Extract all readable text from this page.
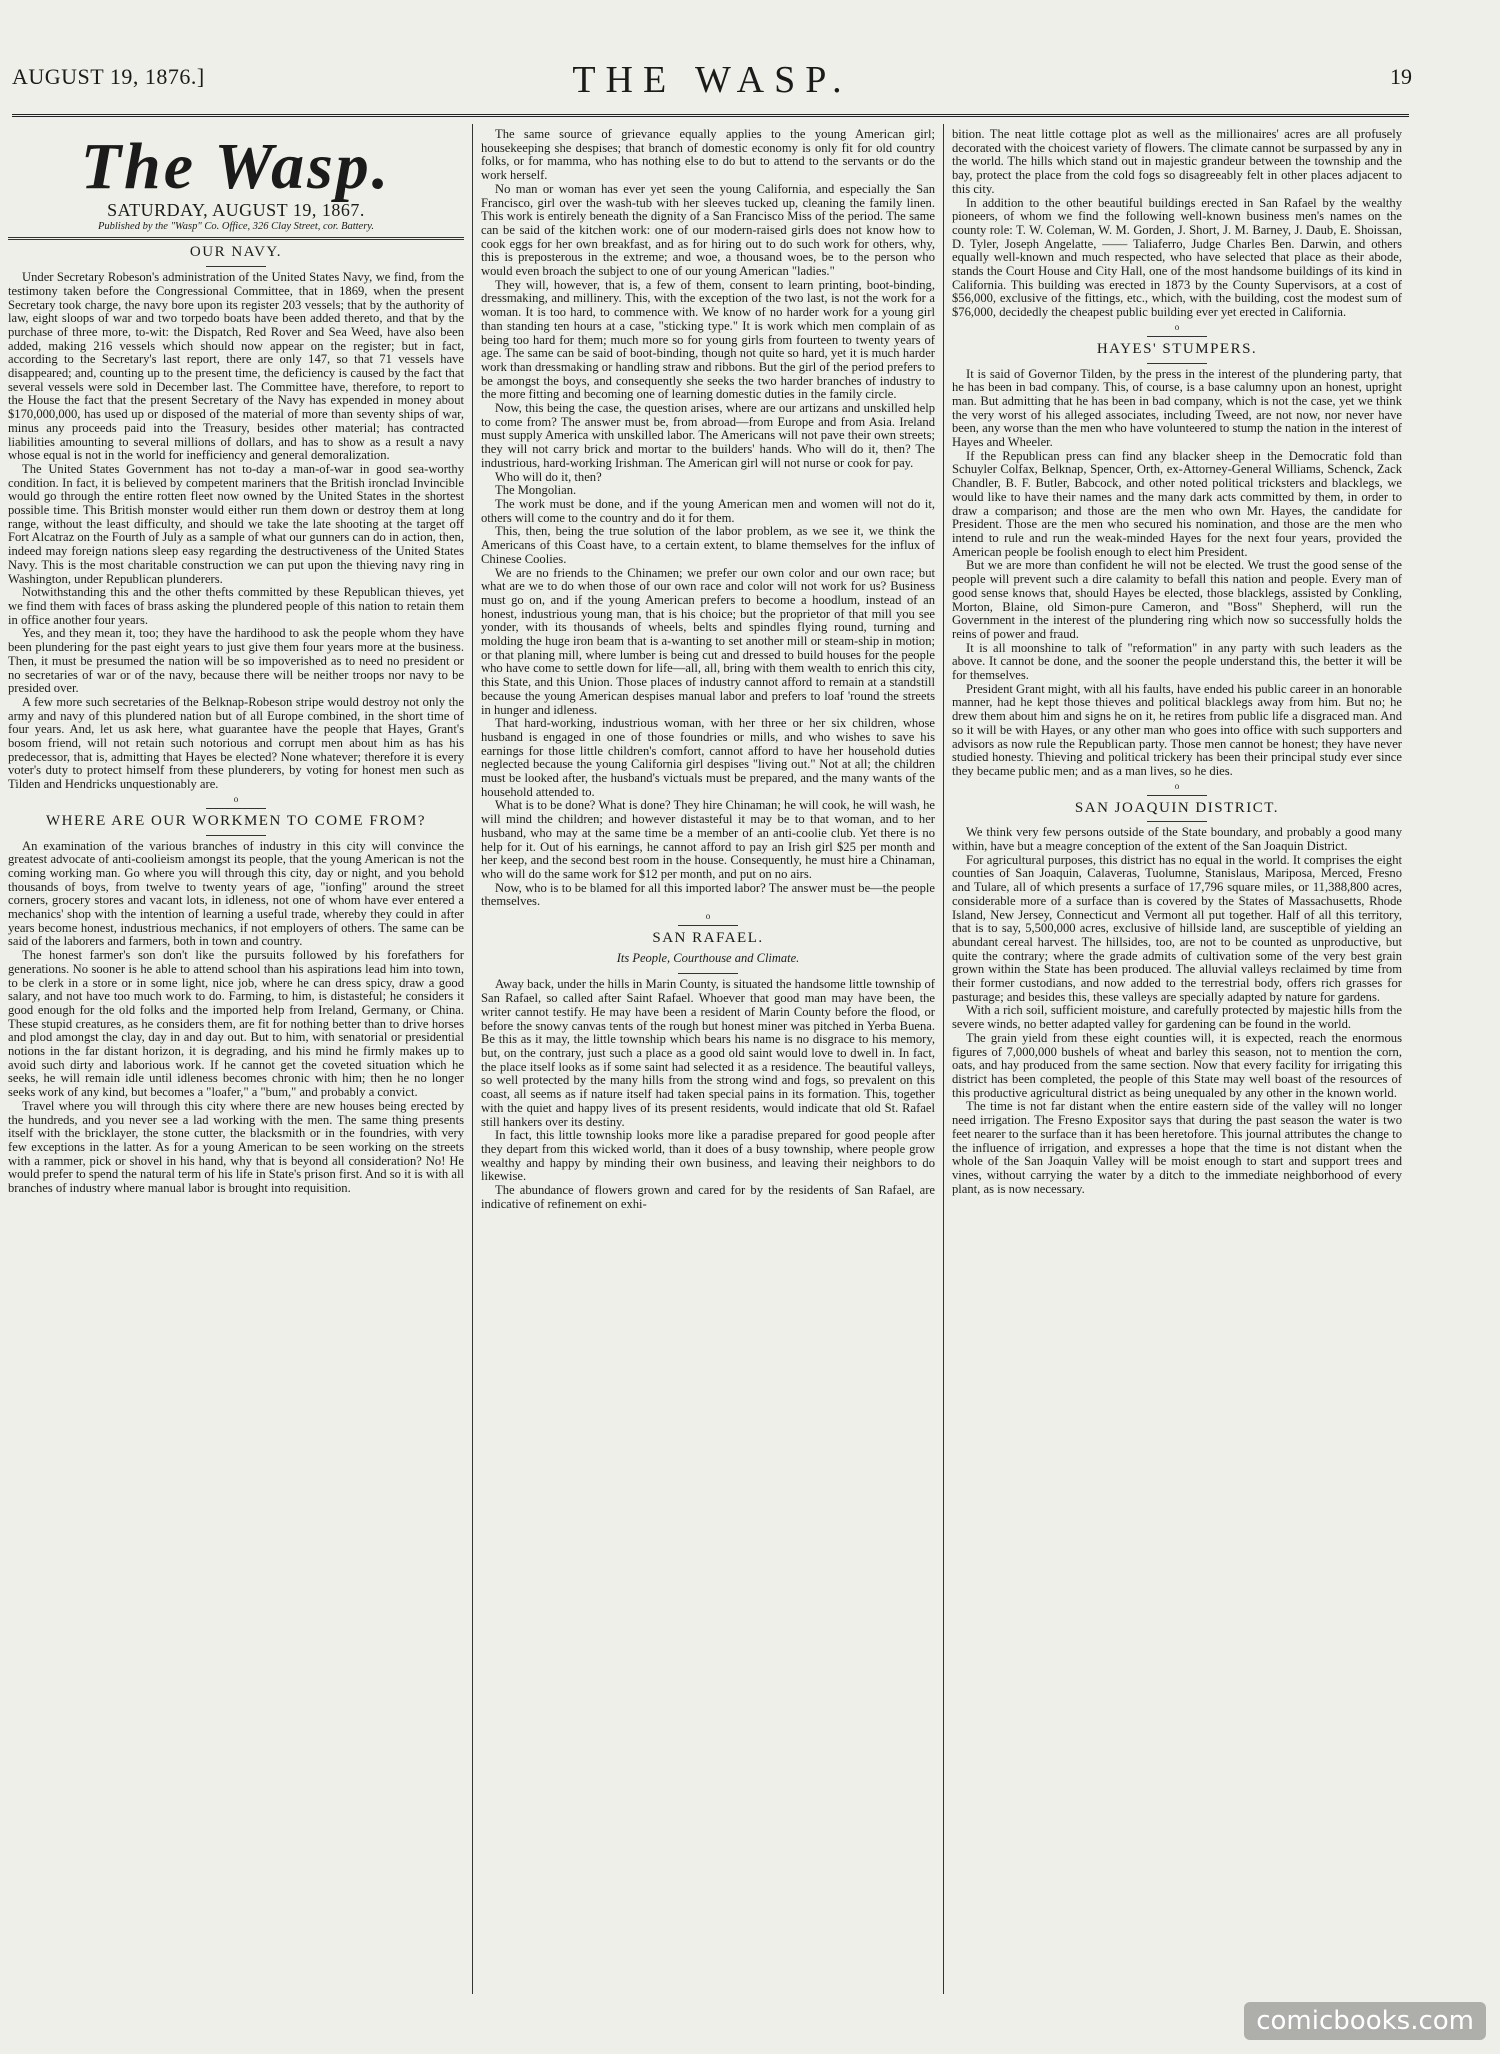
THE WASP.
AUGUST 19, 1876.]	19
The Wasp.
SATURDAY, AUGUST 19, 1867.
Published by the "Wasp" Co. Office, 326 Clay Street, cor. Battery.
OUR NAVY.

Under Secretary Robeson's administration of the United States Navy, we find, from the testimony taken before the Congressional Committee, that in 1869, when the present Secretary took charge, the navy bore upon its register 203 vessels; that by the authority of law, eight sloops of war and two torpedo boats have been added thereto, and that by the purchase of three more, to-wit: the Dispatch, Red Rover and Sea Weed, have also been added, making 216 vessels which should now appear on the register; but in fact, according to the Secretary's last report, there are only 147, so that 71 vessels have disappeared; and, counting up to the present time, the deficiency is caused by the fact that several vessels were sold in December last. The Committee have, therefore, to report to the House the fact that the present Secretary of the Navy has expended in money about $170,000,000, has used up or disposed of the material of more than seventy ships of war, minus any proceeds paid into the Treasury, besides other material; has contracted liabilities amounting to several millions of dollars, and has to show as a result a navy whose equal is not in the world for inefficiency and general demoralization.

The United States Government has not to-day a man-of-war in good sea-worthy condition. In fact, it is believed by competent mariners that the British ironclad Invincible would go through the entire rotten fleet now owned by the United States in the shortest possible time. This British monster would either run them down or destroy them at long range, without the least difficulty, and should we take the late shooting at the target off Fort Alcatraz on the Fourth of July as a sample of what our gunners can do in action, then, indeed may foreign nations sleep easy regarding the destructiveness of the United States Navy. This is the most charitable construction we can put upon the thieving navy ring in Washington, under Republican plunderers.

Notwithstanding this and the other thefts committed by these Republican thieves, yet we find them with faces of brass asking the plundered people of this nation to retain them in office another four years.

Yes, and they mean it, too; they have the hardihood to ask the people whom they have been plundering for the past eight years to just give them four years more at the business. Then, it must be presumed the nation will be so impoverished as to need no president or no secretaries of war or of the navy, because there will be neither troops nor navy to be presided over.

A few more such secretaries of the Belknap-Robeson stripe would destroy not only the army and navy of this plundered nation but of all Europe combined, in the short time of four years. And, let us ask here, what guarantee have the people that Hayes, Grant's bosom friend, will not retain such notorious and corrupt men about him as has his predecessor, that is, admitting that Hayes be elected? None whatever; therefore it is every voter's duty to protect himself from these plunderers, by voting for honest men such as Tilden and Hendricks unquestionably are.

o
WHERE ARE OUR WORKMEN TO COME FROM?

An examination of the various branches of industry in this city will convince the greatest advocate of anti-coolieism amongst its people, that the young American is not the coming working man. Go where you will through this city, day or night, and you behold thousands of boys, from twelve to twenty years of age, "ionfing" around the street corners, grocery stores and vacant lots, in idleness, not one of whom have ever entered a mechanics' shop with the intention of learning a useful trade, whereby they could in after years become honest, industrious mechanics, if not employers of others. The same can be said of the laborers and farmers, both in town and country.

The honest farmer's son don't like the pursuits followed by his forefathers for generations. No sooner is he able to attend school than his aspirations lead him into town, to be clerk in a store or in some light, nice job, where he can dress spicy, draw a good salary, and not have too much work to do. Farming, to him, is distasteful; he considers it good enough for the old folks and the imported help from Ireland, Germany, or China. These stupid creatures, as he considers them, are fit for nothing better than to drive horses and plod amongst the clay, day in and day out. But to him, with senatorial or presidential notions in the far distant horizon, it is degrading, and his mind he firmly makes up to avoid such dirty and laborious work. If he cannot get the coveted situation which he seeks, he will remain idle until idleness becomes chronic with him; then he no longer seeks work of any kind, but becomes a "loafer," a "bum," and probably a convict.

Travel where you will through this city where there are new houses being erected by the hundreds, and you never see a lad working with the men. The same thing presents itself with the bricklayer, the stone cutter, the blacksmith or in the foundries, with very few exceptions in the latter. As for a young American to be seen working on the streets with a rammer, pick or shovel in his hand, why that is beyond all consideration? No! He would prefer to spend the natural term of his life in State's prison first. And so it is with all branches of industry where manual labor is brought into requisition.

The same source of grievance equally applies to the young American girl; housekeeping she despises; that branch of domestic economy is only fit for old country folks, or for mamma, who has nothing else to do but to attend to the servants or do the work herself.

No man or woman has ever yet seen the young California, and especially the San Francisco, girl over the wash-tub with her sleeves tucked up, cleaning the family linen. This work is entirely beneath the dignity of a San Francisco Miss of the period. The same can be said of the kitchen work: one of our modern-raised girls does not know how to cook eggs for her own breakfast, and as for hiring out to do such work for others, why, this is preposterous in the extreme; and woe, a thousand woes, be to the person who would even broach the subject to one of our young American "ladies."

They will, however, that is, a few of them, consent to learn printing, boot-binding, dressmaking, and millinery. This, with the exception of the two last, is not the work for a woman. It is too hard, to commence with. We know of no harder work for a young girl than standing ten hours at a case, "sticking type." It is work which men complain of as being too hard for them; much more so for young girls from fourteen to twenty years of age. The same can be said of boot-binding, though not quite so hard, yet it is much harder work than dressmaking or handling straw and ribbons. But the girl of the period prefers to be amongst the boys, and consequently she seeks the two harder branches of industry to the more fitting and becoming one of learning domestic duties in the family circle.

Now, this being the case, the question arises, where are our artizans and unskilled help to come from? The answer must be, from abroad—from Europe and from Asia. Ireland must supply America with unskilled labor. The Americans will not pave their own streets; they will not carry brick and mortar to the builders' hands. Who will do it, then? The industrious, hard-working Irishman. The American girl will not nurse or cook for pay.

Who will do it, then?

The Mongolian.

The work must be done, and if the young American men and women will not do it, others will come to the country and do it for them.

This, then, being the true solution of the labor problem, as we see it, we think the Americans of this Coast have, to a certain extent, to blame themselves for the influx of Chinese Coolies.

We are no friends to the Chinamen; we prefer our own color and our own race; but what are we to do when those of our own race and color will not work for us? Business must go on, and if the young American prefers to become a hoodlum, instead of an honest, industrious young man, that is his choice; but the proprietor of that mill you see yonder, with its thousands of wheels, belts and spindles flying round, turning and molding the huge iron beam that is a-wanting to set another mill or steam-ship in motion; or that planing mill, where lumber is being cut and dressed to build houses for the people who have come to settle down for life—all, all, bring with them wealth to enrich this city, this State, and this Union. Those places of industry cannot afford to remain at a standstill because the young American despises manual labor and prefers to loaf 'round the streets in hunger and idleness.

That hard-working, industrious woman, with her three or her six children, whose husband is engaged in one of those foundries or mills, and who wishes to save his earnings for those little children's comfort, cannot afford to have her household duties neglected because the young California girl despises "living out." Not at all; the children must be looked after, the husband's victuals must be prepared, and the many wants of the household attended to.

What is to be done? What is done? They hire Chinaman; he will cook, he will wash, he will mind the children; and however distasteful it may be to that woman, and to her husband, who may at the same time be a member of an anti-coolie club. Yet there is no help for it. Out of his earnings, he cannot afford to pay an Irish girl $25 per month and her keep, and the second best room in the house. Consequently, he must hire a Chinaman, who will do the same work for $12 per month, and put on no airs.

Now, who is to be blamed for all this imported labor? The answer must be—the people themselves.

o
SAN RAFAEL.
Its People, Courthouse and Climate.

Away back, under the hills in Marin County, is situated the handsome little township of San Rafael, so called after Saint Rafael. Whoever that good man may have been, the writer cannot testify. He may have been a resident of Marin County before the flood, or before the snowy canvas tents of the rough but honest miner was pitched in Yerba Buena. Be this as it may, the little township which bears his name is no disgrace to his memory, but, on the contrary, just such a place as a good old saint would love to dwell in. In fact, the place itself looks as if some saint had selected it as a residence. The beautiful valleys, so well protected by the many hills from the strong wind and fogs, so prevalent on this coast, all seems as if nature itself had taken special pains in its formation. This, together with the quiet and happy lives of its present residents, would indicate that old St. Rafael still hankers over its destiny.

In fact, this little township looks more like a paradise prepared for good people after they depart from this wicked world, than it does of a busy township, where people grow wealthy and happy by minding their own business, and leaving their neighbors to do likewise.

The abundance of flowers grown and cared for by the residents of San Rafael, are indicative of refinement on exhi-

bition. The neat little cottage plot as well as the millionaires' acres are all profusely decorated with the choicest variety of flowers. The climate cannot be surpassed by any in the world. The hills which stand out in majestic grandeur between the township and the bay, protect the place from the cold fogs so disagreeably felt in other places adjacent to this city.

In addition to the other beautiful buildings erected in San Rafael by the wealthy pioneers, of whom we find the following well-known business men's names on the county role: T. W. Coleman, W. M. Gorden, J. Short, J. M. Barney, J. Daub, E. Shoissan, D. Tyler, Joseph Angelatte, —— Taliaferro, Judge Charles Ben. Darwin, and others equally well-known and much respected, who have selected that place as their abode, stands the Court House and City Hall, one of the most handsome buildings of its kind in California. This building was erected in 1873 by the County Supervisors, at a cost of $56,000, exclusive of the fittings, etc., which, with the building, cost the modest sum of $76,000, decidedly the cheapest public building ever yet erected in California.

o
HAYES' STUMPERS.

It is said of Governor Tilden, by the press in the interest of the plundering party, that he has been in bad company. This, of course, is a base calumny upon an honest, upright man. But admitting that he has been in bad company, which is not the case, yet we think the very worst of his alleged associates, including Tweed, are not now, nor never have been, any worse than the men who have volunteered to stump the nation in the interest of Hayes and Wheeler.

If the Republican press can find any blacker sheep in the Democratic fold than Schuyler Colfax, Belknap, Spencer, Orth, ex-Attorney-General Williams, Schenck, Zack Chandler, B. F. Butler, Babcock, and other noted political tricksters and blacklegs, we would like to have their names and the many dark acts committed by them, in order to draw a comparison; and those are the men who own Mr. Hayes, the candidate for President. Those are the men who secured his nomination, and those are the men who intend to rule and run the weak-minded Hayes for the next four years, provided the American people be foolish enough to elect him President.

But we are more than confident he will not be elected. We trust the good sense of the people will prevent such a dire calamity to befall this nation and people. Every man of good sense knows that, should Hayes be elected, those blacklegs, assisted by Conkling, Morton, Blaine, old Simon-pure Cameron, and "Boss" Shepherd, will run the Government in the interest of the plundering ring which now so successfully holds the reins of power and fraud.

It is all moonshine to talk of "reformation" in any party with such leaders as the above. It cannot be done, and the sooner the people understand this, the better it will be for themselves.

President Grant might, with all his faults, have ended his public career in an honorable manner, had he kept those thieves and political blacklegs away from him. But no; he drew them about him and signs he on it, he retires from public life a disgraced man. And so it will be with Hayes, or any other man who goes into office with such supporters and advisors as now rule the Republican party. Those men cannot be honest; they have never studied honesty. Thieving and political trickery has been their principal study ever since they became public men; and as a man lives, so he dies.

o
SAN JOAQUIN DISTRICT.

We think very few persons outside of the State boundary, and probably a good many within, have but a meagre conception of the extent of the San Joaquin District.

For agricultural purposes, this district has no equal in the world. It comprises the eight counties of San Joaquin, Calaveras, Tuolumne, Stanislaus, Mariposa, Merced, Fresno and Tulare, all of which presents a surface of 17,796 square miles, or 11,388,800 acres, considerable more of a surface than is covered by the States of Massachusetts, Rhode Island, New Jersey, Connecticut and Vermont all put together. Half of all this territory, that is to say, 5,500,000 acres, exclusive of hillside land, are susceptible of yielding an abundant cereal harvest. The hillsides, too, are not to be counted as unproductive, but quite the contrary; where the grade admits of cultivation some of the very best grain grown within the State has been produced. The alluvial valleys reclaimed by time from their former custodians, and now added to the terrestrial body, offers rich grasses for pasturage; and besides this, these valleys are specially adapted by nature for gardens.

With a rich soil, sufficient moisture, and carefully protected by majestic hills from the severe winds, no better adapted valley for gardening can be found in the world.

The grain yield from these eight counties will, it is expected, reach the enormous figures of 7,000,000 bushels of wheat and barley this season, not to mention the corn, oats, and hay produced from the same section. Now that every facility for irrigating this district has been completed, the people of this State may well boast of the resources of this productive agricultural district as being unequaled by any other in the known world.

The time is not far distant when the entire eastern side of the valley will no longer need irrigation. The Fresno Expositor says that during the past season the water is two feet nearer to the surface than it has been heretofore. This journal attributes the change to the influence of irrigation, and expresses a hope that the time is not distant when the whole of the San Joaquin Valley will be moist enough to start and support trees and vines, without carrying the water by a ditch to the immediate neighborhood of every plant, as is now necessary.

comicbooks.com
